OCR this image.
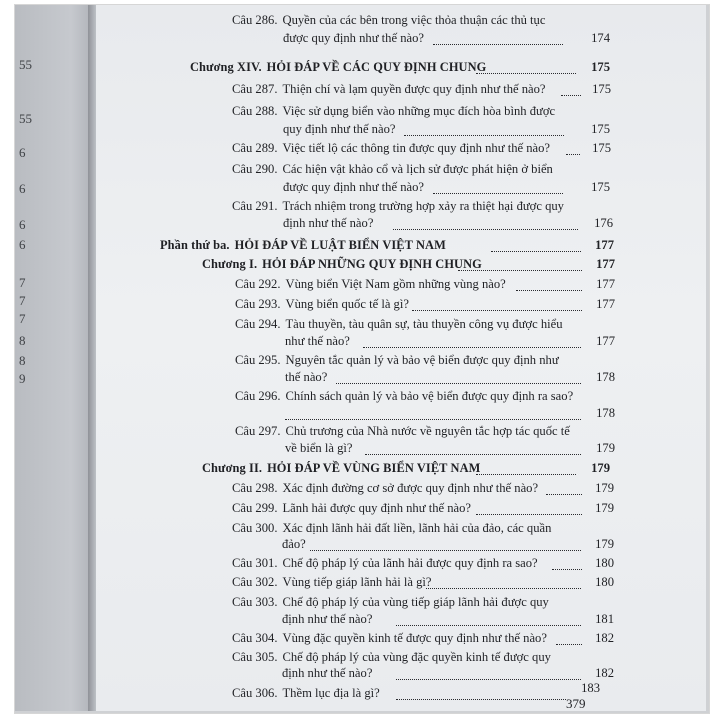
55
55
6
6
6
6
7
7
7
8
8
9
Câu 286. Quyền của các bên trong việc thỏa thuận các thủ tục
được quy định như thế nào?	174
Chương XIV. HỎI ĐÁP VỀ CÁC QUY ĐỊNH CHUNG	175
Câu 287. Thiện chí và lạm quyền được quy định như thế nào?	175
Câu 288. Việc sử dụng biển vào những mục đích hòa bình được
quy định như thế nào?	175
Câu 289. Việc tiết lộ các thông tin được quy định như thế nào?	175
Câu 290. Các hiện vật khảo cổ và lịch sử được phát hiện ở biển
được quy định như thế nào?	175
Câu 291. Trách nhiệm trong trường hợp xảy ra thiệt hại được quy
định như thế nào?	176
Phần thứ ba. HỎI ĐÁP VỀ LUẬT BIỂN VIỆT NAM	177
Chương I. HỎI ĐÁP NHỮNG QUY ĐỊNH CHUNG	177
Câu 292. Vùng biển Việt Nam gồm những vùng nào?	177
Câu 293. Vùng biển quốc tế là gì?	177
Câu 294. Tàu thuyền, tàu quân sự, tàu thuyền công vụ được hiểu
như thế nào?	177
Câu 295. Nguyên tắc quản lý và bảo vệ biển được quy định như
thế nào?	178
Câu 296. Chính sách quản lý và bảo vệ biển được quy định ra sao?
178
Câu 297. Chủ trương của Nhà nước về nguyên tắc hợp tác quốc tế
về biển là gì?	179
Chương II. HỎI ĐÁP VỀ VÙNG BIỂN VIỆT NAM	179
Câu 298. Xác định đường cơ sở được quy định như thế nào?	179
Câu 299. Lãnh hải được quy định như thế nào?	179
Câu 300. Xác định lãnh hải đất liền, lãnh hải của đảo, các quần
đảo?	179
Câu 301. Chế độ pháp lý của lãnh hải được quy định ra sao?	180
Câu 302. Vùng tiếp giáp lãnh hải là gì?	180
Câu 303. Chế độ pháp lý của vùng tiếp giáp lãnh hải được quy
định như thế nào?	181
Câu 304. Vùng đặc quyền kinh tế được quy định như thế nào?	182
Câu 305. Chế độ pháp lý của vùng đặc quyền kinh tế được quy
định như thế nào?	182
Câu 306. Thềm lục địa là gì?	183
379
